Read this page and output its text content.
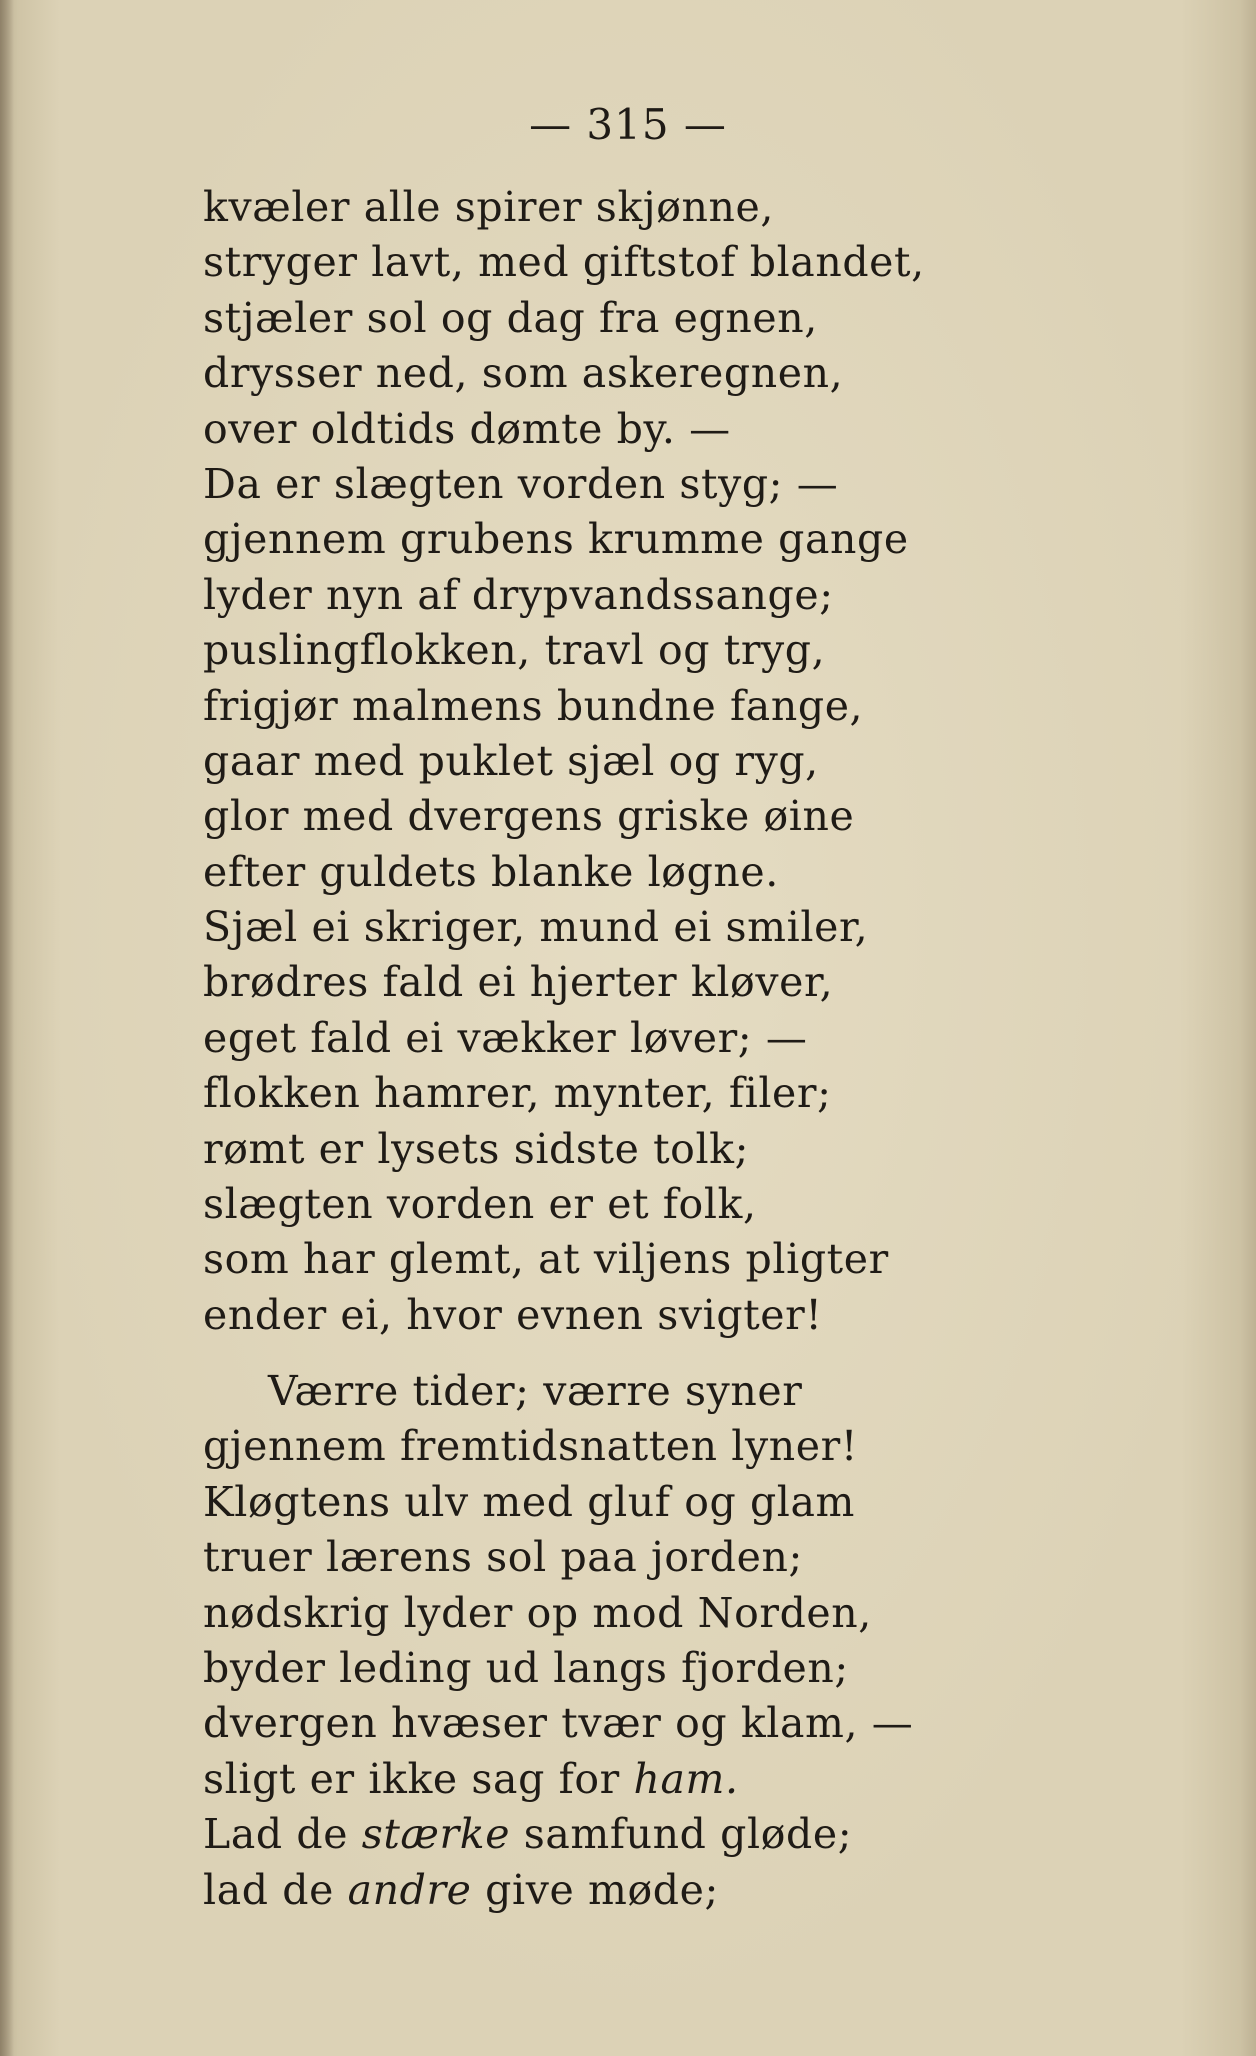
— 315 —
kvæler alle spirer skjønne,
stryger lavt, med giftstof blandet,
stjæler sol og dag fra egnen,
drysser ned, som askeregnen,
over oldtids dømte by. —
Da er slægten vorden styg; —
gjennem grubens krumme gange
lyder nyn af drypvandssange;
puslingflokken, travl og tryg,
frigjør malmens bundne fange,
gaar med puklet sjæl og ryg,
glor med dvergens griske øine
efter guldets blanke løgne.
Sjæl ei skriger, mund ei smiler,
brødres fald ei hjerter kløver,
eget fald ei vækker løver; —
flokken hamrer, mynter, filer;
rømt er lysets sidste tolk;
slægten vorden er et folk,
som har glemt, at viljens pligter
ender ei, hvor evnen svigter!
Værre tider; værre syner
gjennem fremtidsnatten lyner!
Kløgtens ulv med gluf og glam
truer lærens sol paa jorden;
nødskrig lyder op mod Norden,
byder leding ud langs fjorden;
dvergen hvæser tvær og klam, —
sligt er ikke sag for ham.
Lad de stærke samfund gløde;
lad de andre give møde;
